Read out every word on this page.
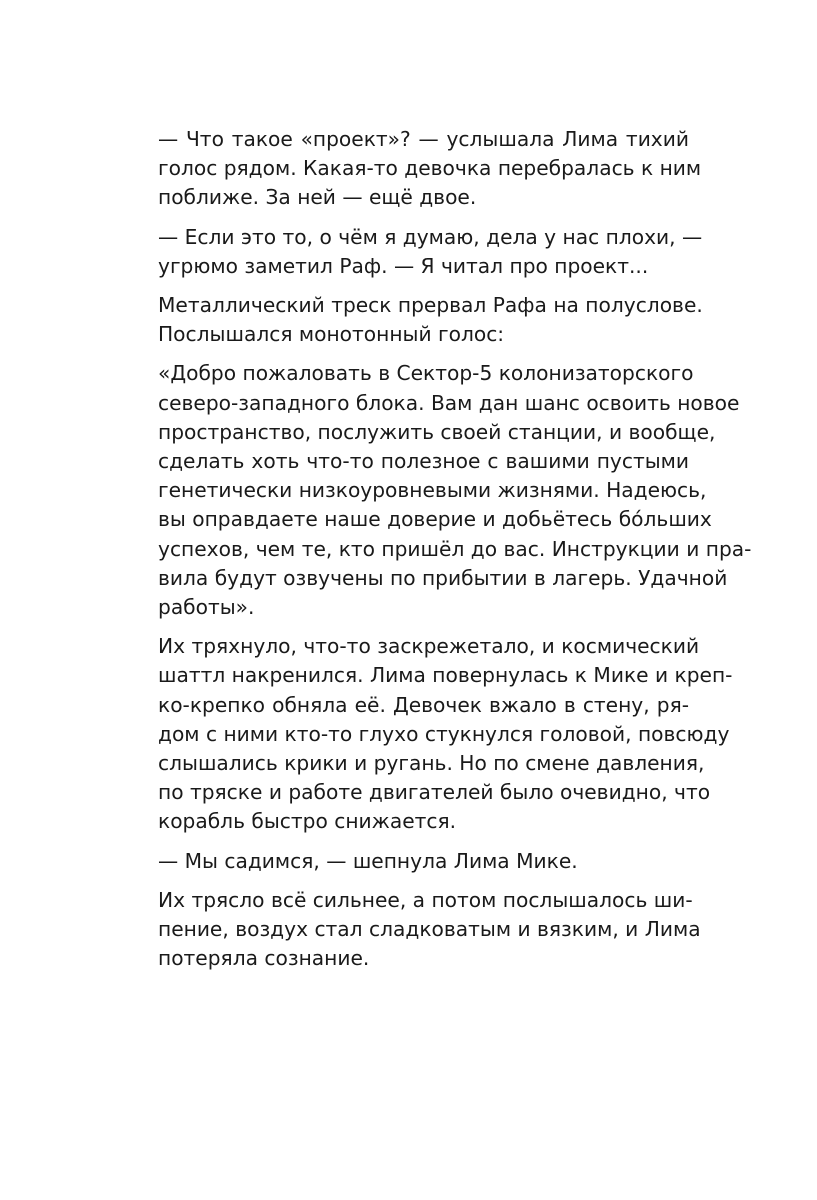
— Что такое «проект»? — услышала Лима тихий
голос рядом. Какая-то девочка перебралась к ним
поближе. За ней — ещё двое.
— Если это то, о чём я думаю, дела у нас плохи, —
угрюмо заметил Раф. — Я читал про проект...
Металлический треск прервал Рафа на полуслове.
Послышался монотонный голос:
«Добро пожаловать в Сектор-5 колонизаторского
северо-западного блока. Вам дан шанс освоить новое
пространство, послужить своей станции, и вообще,
сделать хоть что-то полезное с вашими пустыми
генетически низкоуровневыми жизнями. Надеюсь,
вы оправдаете наше доверие и добьётесь бо́льших
успехов, чем те, кто пришёл до вас. Инструкции и пра-
вила будут озвучены по прибытии в лагерь. Удачной
работы».
Их тряхнуло, что-то заскрежетало, и космический
шаттл накренился. Лима повернулась к Мике и креп-
ко-крепко обняла её. Девочек вжало в стену, ря-
дом с ними кто-то глухо стукнулся головой, повсюду
слышались крики и ругань. Но по смене давления,
по тряске и работе двигателей было очевидно, что
корабль быстро снижается.
— Мы садимся, — шепнула Лима Мике.
Их трясло всё сильнее, а потом послышалось ши-
пение, воздух стал сладковатым и вязким, и Лима
потеряла сознание.
